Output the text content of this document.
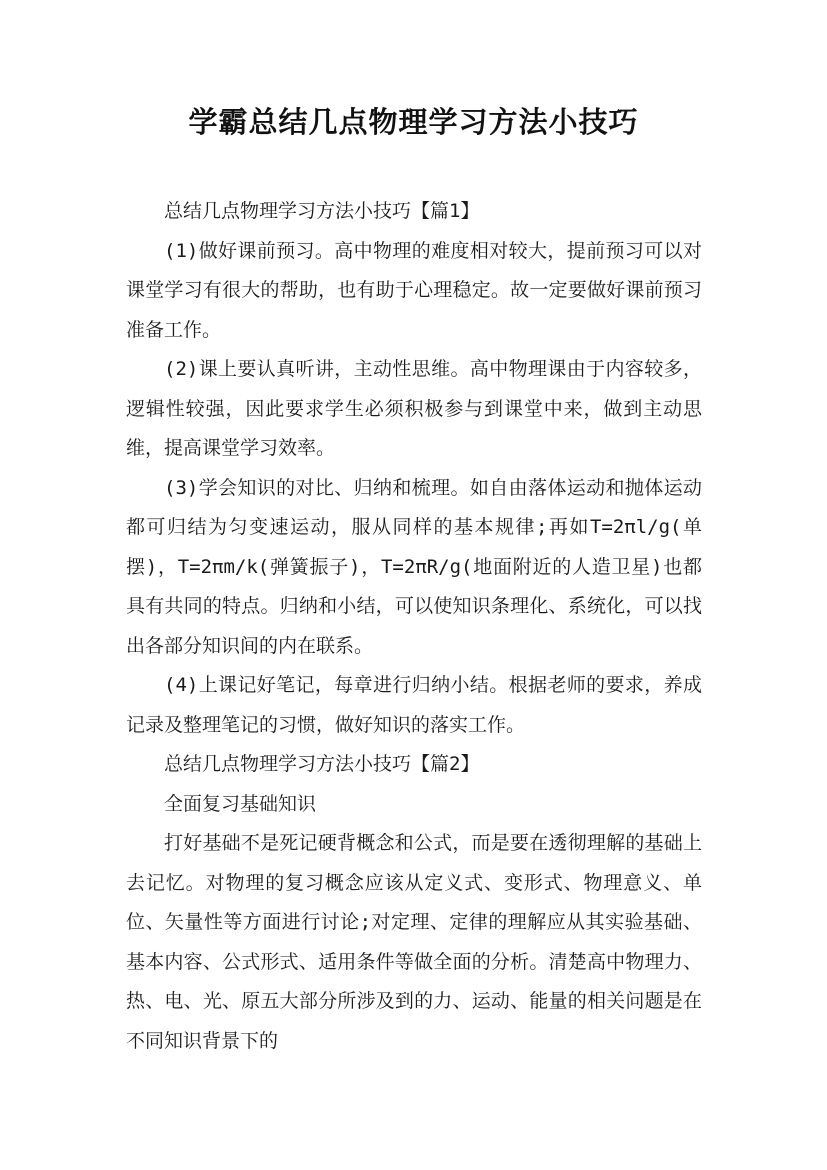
学霸总结几点物理学习方法小技巧

总结几点物理学习方法小技巧【篇1】

(1)做好课前预习。高中物理的难度相对较大，提前预习可以对课堂学习有很大的帮助，也有助于心理稳定。故一定要做好课前预习准备工作。

(2)课上要认真听讲，主动性思维。高中物理课由于内容较多，逻辑性较强，因此要求学生必须积极参与到课堂中来，做到主动思维，提高课堂学习效率。

(3)学会知识的对比、归纳和梳理。如自由落体运动和抛体运动都可归结为匀变速运动，服从同样的基本规律;再如T=2πl/g(单摆)，T=2πm/k(弹簧振子)，T=2πR/g(地面附近的人造卫星)也都具有共同的特点。归纳和小结，可以使知识条理化、系统化，可以找出各部分知识间的内在联系。

(4)上课记好笔记，每章进行归纳小结。根据老师的要求，养成记录及整理笔记的习惯，做好知识的落实工作。

总结几点物理学习方法小技巧【篇2】

全面复习基础知识

打好基础不是死记硬背概念和公式，而是要在透彻理解的基础上去记忆。对物理的复习概念应该从定义式、变形式、物理意义、单位、矢量性等方面进行讨论;对定理、定律的理解应从其实验基础、基本内容、公式形式、适用条件等做全面的分析。清楚高中物理力、热、电、光、原五大部分所涉及到的力、运动、能量的相关问题是在不同知识背景下的
